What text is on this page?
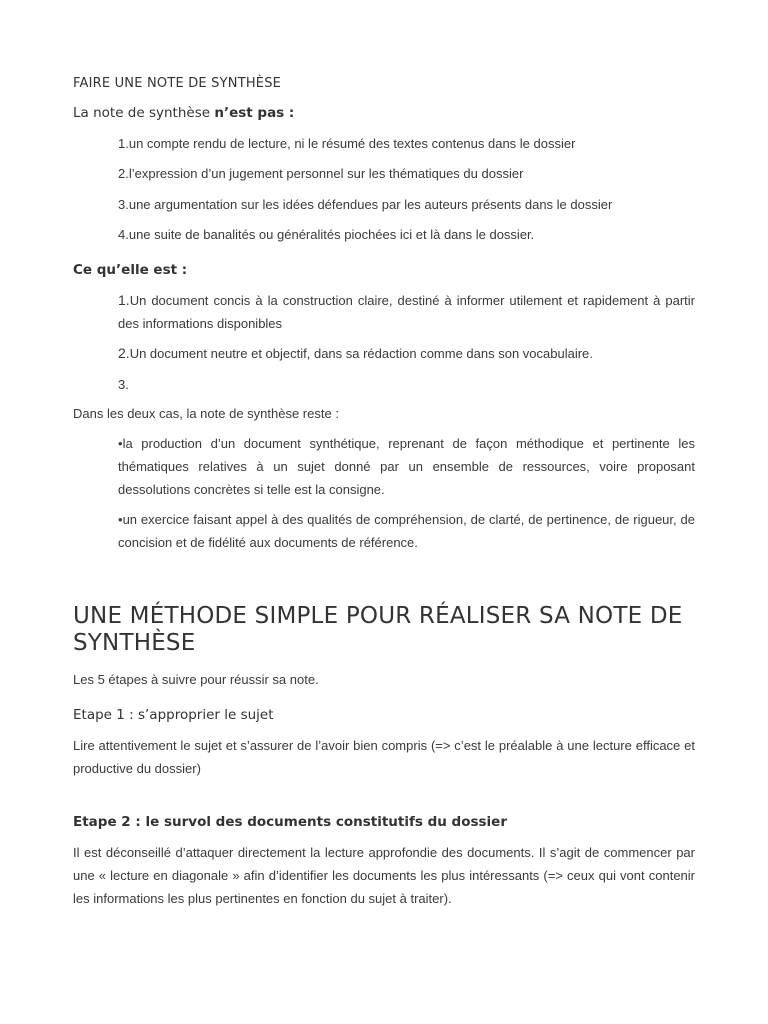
FAIRE UNE NOTE DE SYNTHÈSE

La note de synthèse n’est pas :

1.un compte rendu de lecture, ni le résumé des textes contenus dans le dossier
2.l’expression d’un jugement personnel sur les thématiques du dossier
3.une argumentation sur les idées défendues par les auteurs présents dans le dossier
4.une suite de banalités ou généralités piochées ici et là dans le dossier.

Ce qu’elle est :

1.Un document concis à la construction claire, destiné à informer utilement et rapidement à partir des informations disponibles
2.Un document neutre et objectif, dans sa rédaction comme dans son vocabulaire.
3.

Dans les deux cas, la note de synthèse reste :

•la production d’un document synthétique, reprenant de façon méthodique et pertinente les thématiques relatives à un sujet donné par un ensemble de ressources, voire proposant dessolutions concrètes si telle est la consigne.
•un exercice faisant appel à des qualités de compréhension, de clarté, de pertinence, de rigueur, de concision et de fidélité aux documents de référence.
UNE MÉTHODE SIMPLE POUR RÉALISER SA NOTE DE SYNTHÈSE

Les 5 étapes à suivre pour réussir sa note.

Etape 1 : s’approprier le sujet

Lire attentivement le sujet et s’assurer de l’avoir bien compris (=> c’est le préalable à une lecture efficace et productive du dossier)

Etape 2 : le survol des documents constitutifs du dossier

Il est déconseillé d’attaquer directement la lecture approfondie des documents. Il s’agit de commencer par une « lecture en diagonale » afin d’identifier les documents les plus intéressants (=> ceux qui vont contenir les informations les plus pertinentes en fonction du sujet à traiter).
